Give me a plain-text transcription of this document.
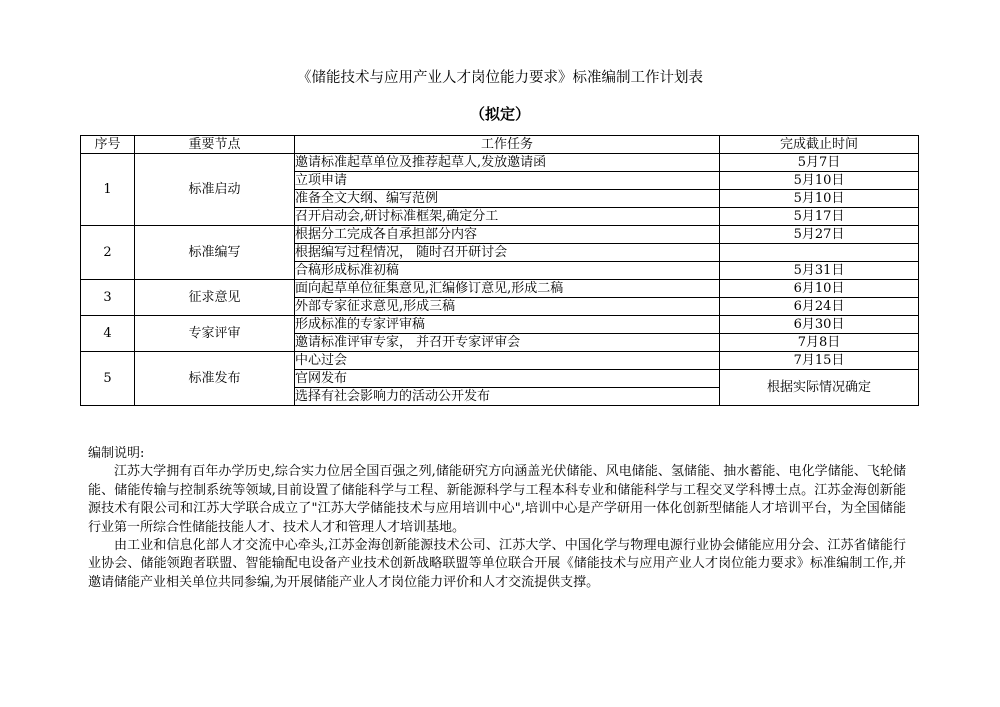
《储能技术与应用产业人才岗位能力要求》标准编制工作计划表
（拟定）
序号	重要节点	工作任务	完成截止时间
1	标准启动	邀请标准起草单位及推荐起草人,发放邀请函	5月7日
		立项申请	5月10日
		准备全文大纲、编写范例	5月10日
		召开启动会,研讨标准框架,确定分工	5月17日
2	标准编写	根据分工完成各自承担部分内容	5月27日
		根据编写过程情况， 随时召开研讨会	
		合稿形成标准初稿	5月31日
3	征求意见	面向起草单位征集意见,汇编修订意见,形成二稿	6月10日
		外部专家征求意见,形成三稿	6月24日
4	专家评审	形成标准的专家评审稿	6月30日
		邀请标准评审专家， 并召开专家评审会	7月8日
5	标准发布	中心过会	7月15日
		官网发布	根据实际情况确定
		选择有社会影响力的活动公开发布	

编制说明:

江苏大学拥有百年办学历史,综合实力位居全国百强之列,储能研究方向涵盖光伏储能、风电储能、氢储能、抽水蓄能、电化学储能、飞轮储能、储能传输与控制系统等领域,目前设置了储能科学与工程、新能源科学与工程本科专业和储能科学与工程交叉学科博士点。江苏金海创新能源技术有限公司和江苏大学联合成立了"江苏大学储能技术与应用培训中心",培训中心是产学研用一体化创新型储能人才培训平台，为全国储能行业第一所综合性储能技能人才、技术人才和管理人才培训基地。

由工业和信息化部人才交流中心牵头,江苏金海创新能源技术公司、江苏大学、中国化学与物理电源行业协会储能应用分会、江苏省储能行业协会、储能领跑者联盟、智能输配电设备产业技术创新战略联盟等单位联合开展《储能技术与应用产业人才岗位能力要求》标准编制工作,并邀请储能产业相关单位共同参编,为开展储能产业人才岗位能力评价和人才交流提供支撑。
